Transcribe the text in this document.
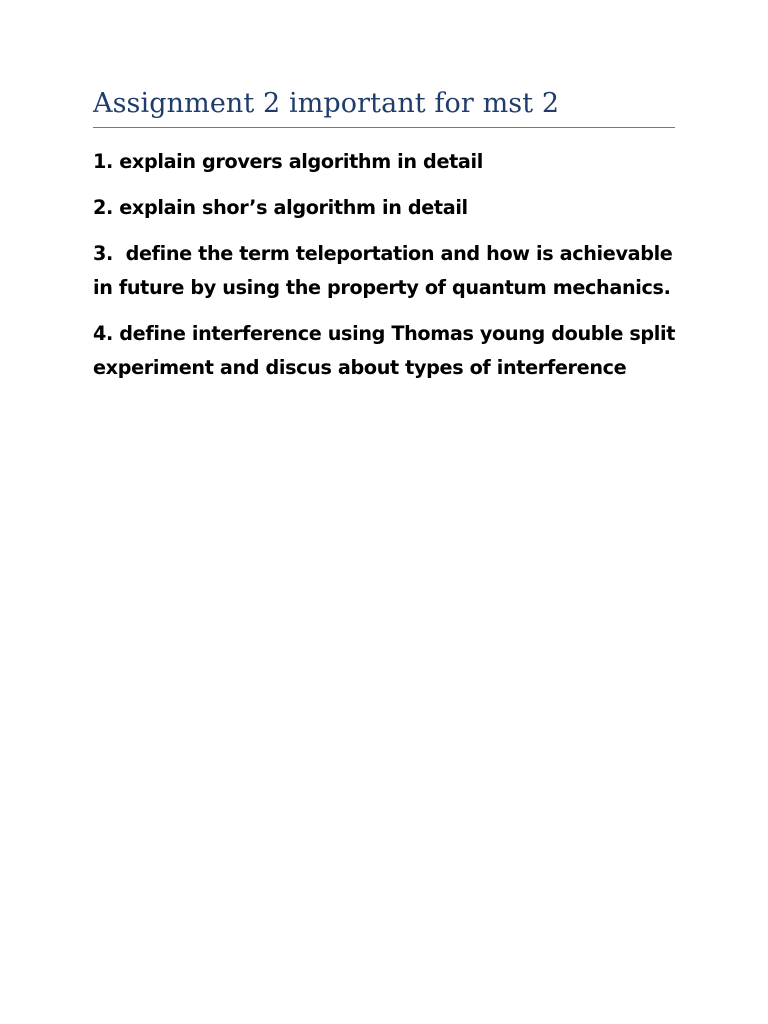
Assignment 2 important for mst 2
1. explain grovers algorithm in detail
2. explain shor’s algorithm in detail
3.  define the term teleportation and how is achievable in future by using the property of quantum mechanics.
4. define interference using Thomas young double split experiment and discus about types of interference
